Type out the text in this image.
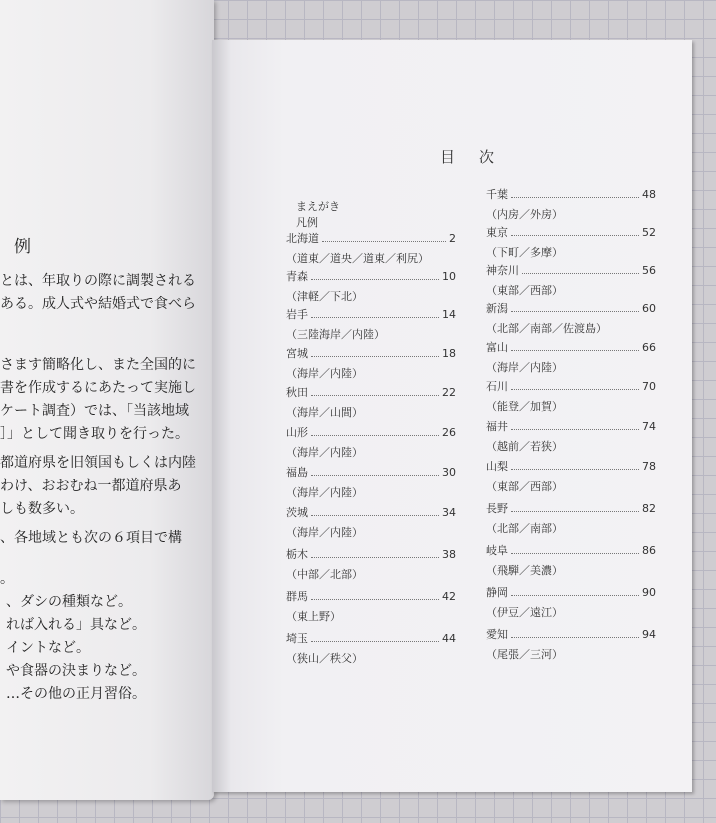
例
とは、年取りの際に調製される
ある。成人式や結婚式で食べら
さます簡略化し、また全国的に
書を作成するにあたって実施し
ケート調査）では、「当該地域
］」として聞き取りを行った。
都道府県を旧領国もしくは内陸
わけ、おおむね一都道府県あ
しも数多い。
、各地域とも次の６項目で構
。
、ダシの種類など。
れば入れる」具など。
イントなど。
や食器の決まりなど。
…その他の正月習俗。
目次
まえがき
凡例
北海道	2
（道東／道央／道東／利尻）
青森	10
（津軽／下北）
岩手	14
（三陸海岸／内陸）
宮城	18
（海岸／内陸）
秋田	22
（海岸／山間）
山形	26
（海岸／内陸）
福島	30
（海岸／内陸）
茨城	34
（海岸／内陸）
栃木	38
（中部／北部）
群馬	42
（東上野）
埼玉	44
（狭山／秩父）
千葉	48
（内房／外房）
東京	52
（下町／多摩）
神奈川	56
（東部／西部）
新潟	60
（北部／南部／佐渡島）
富山	66
（海岸／内陸）
石川	70
（能登／加賀）
福井	74
（越前／若狭）
山梨	78
（東部／西部）
長野	82
（北部／南部）
岐阜	86
（飛騨／美濃）
静岡	90
（伊豆／遠江）
愛知	94
（尾張／三河）
